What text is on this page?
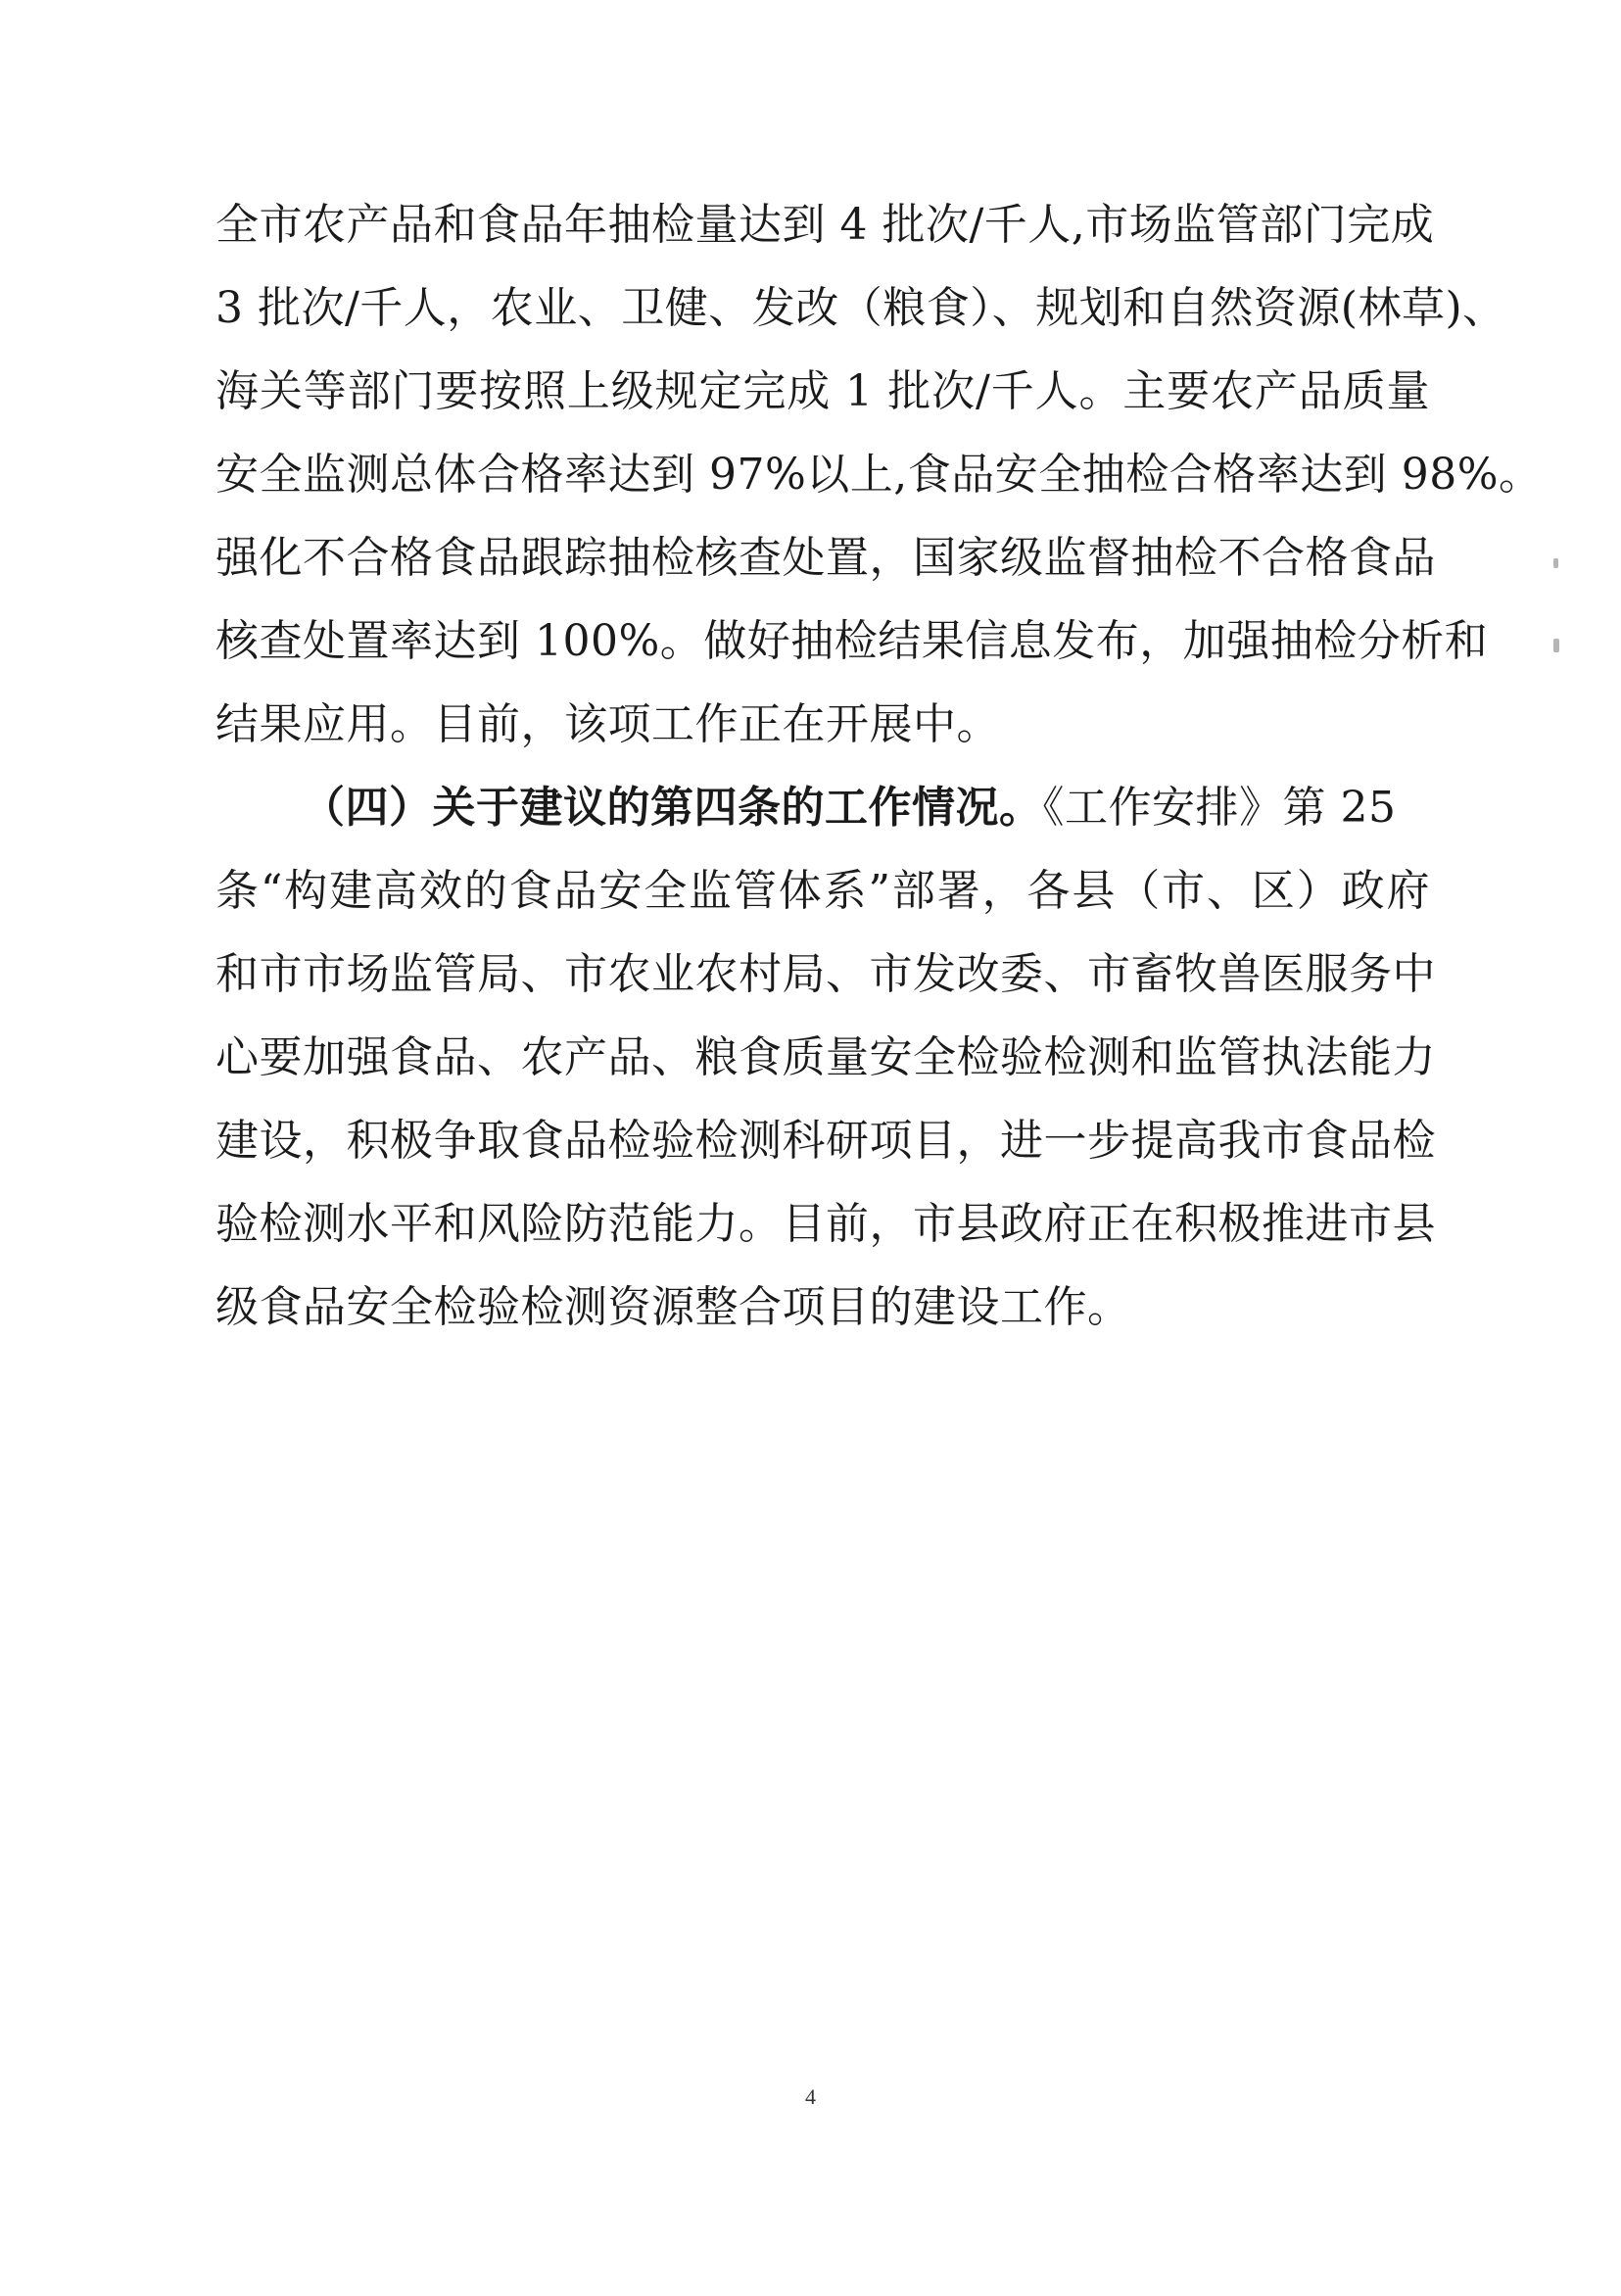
全市农产品和食品年抽检量达到 4 批次/千人,市场监管部门完成
3 批次/千人，农业、卫健、发改（粮食）、规划和自然资源(林草)、
海关等部门要按照上级规定完成 1 批次/千人。主要农产品质量
安全监测总体合格率达到 97%以上,食品安全抽检合格率达到 98%。
强化不合格食品跟踪抽检核查处置，国家级监督抽检不合格食品
核查处置率达到 100%。做好抽检结果信息发布，加强抽检分析和
结果应用。目前，该项工作正在开展中。
（四）关于建议的第四条的工作情况。《工作安排》第 25
条“构建高效的食品安全监管体系”部署，各县（市、区）政府
和市市场监管局、市农业农村局、市发改委、市畜牧兽医服务中
心要加强食品、农产品、粮食质量安全检验检测和监管执法能力
建设，积极争取食品检验检测科研项目，进一步提高我市食品检
验检测水平和风险防范能力。目前，市县政府正在积极推进市县
级食品安全检验检测资源整合项目的建设工作。
4
